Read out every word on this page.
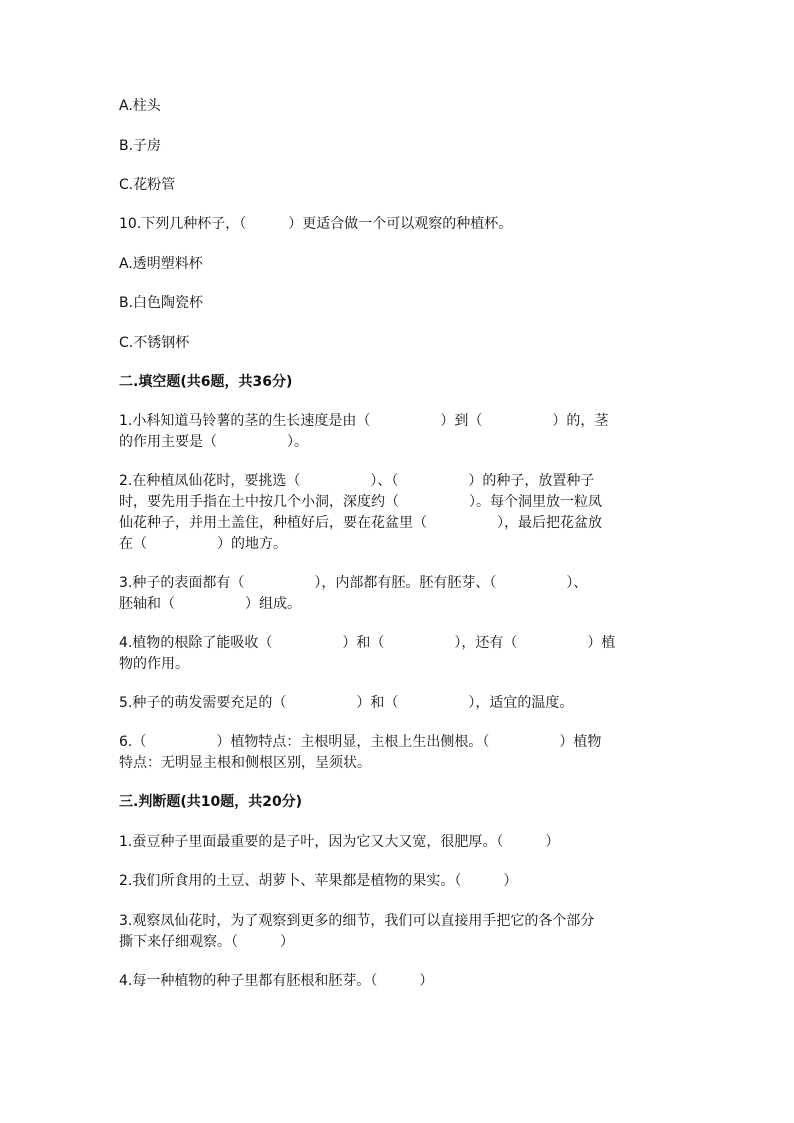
A.柱头

B.子房

C.花粉管

10.下列几种杯子，（　　　）更适合做一个可以观察的种植杯。

A.透明塑料杯

B.白色陶瓷杯

C.不锈钢杯

二.填空题(共6题，共36分)

1.小科知道马铃薯的茎的生长速度是由（　　　　　）到（　　　　　）的，茎

的作用主要是（　　　　　）。

2.在种植凤仙花时，要挑选（　　　　　）、（　　　　　）的种子，放置种子

时，要先用手指在土中按几个小洞，深度约（　　　　　）。每个洞里放一粒凤

仙花种子，并用土盖住，种植好后，要在花盆里（　　　　　），最后把花盆放

在（　　　　　）的地方。

3.种子的表面都有（　　　　　），内部都有胚。胚有胚芽、（　　　　　）、

胚轴和（　　　　　）组成。

4.植物的根除了能吸收（　　　　　）和（　　　　　），还有（　　　　　）植

物的作用。

5.种子的萌发需要充足的（　　　　　）和（　　　　　），适宜的温度。

6.（　　　　　）植物特点：主根明显，主根上生出侧根。（　　　　　）植物

特点：无明显主根和侧根区别，呈须状。

三.判断题(共10题，共20分)

1.蚕豆种子里面最重要的是子叶，因为它又大又宽，很肥厚。（　　　）

2.我们所食用的土豆、胡萝卜、苹果都是植物的果实。（　　　）

3.观察凤仙花时，为了观察到更多的细节，我们可以直接用手把它的各个部分

撕下来仔细观察。（　　　）

4.每一种植物的种子里都有胚根和胚芽。（　　　）
